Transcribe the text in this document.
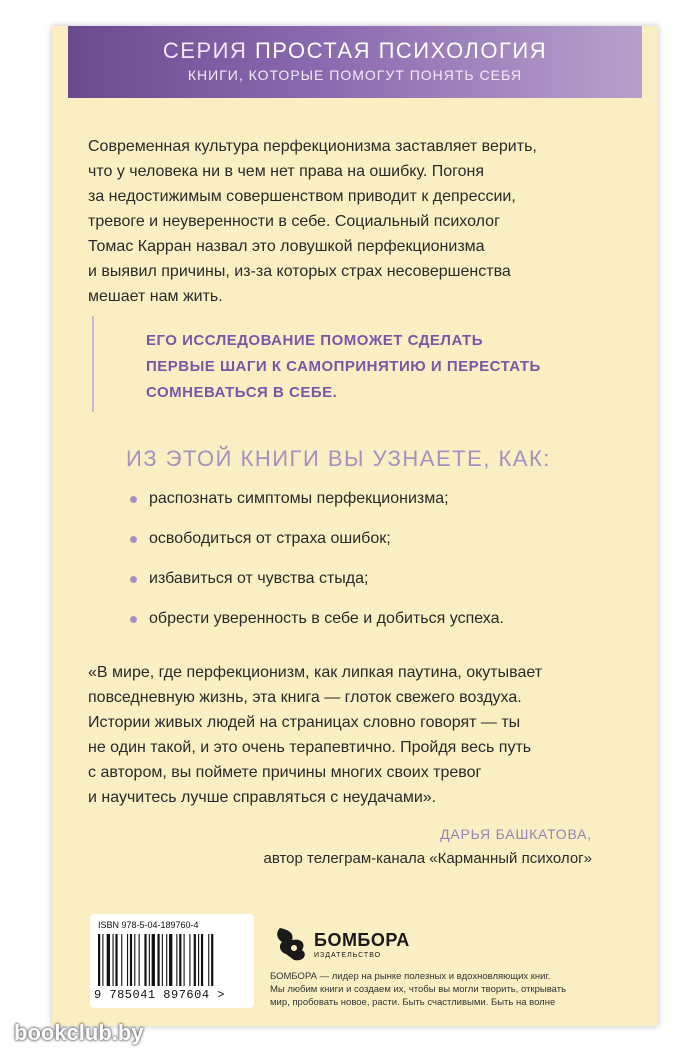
СЕРИЯ ПРОСТАЯ ПСИХОЛОГИЯ
КНИГИ, КОТОРЫЕ ПОМОГУТ ПОНЯТЬ СЕБЯ

Современная культура перфекционизма заставляет верить,

что у человека ни в чем нет права на ошибку. Погоня

за недостижимым совершенством приводит к депрессии,

тревоге и неуверенности в себе. Социальный психолог

Томас Карран назвал это ловушкой перфекционизма

и выявил причины, из-за которых страх несовершенства

мешает нам жить.

ЕГО ИССЛЕДОВАНИЕ ПОМОЖЕТ СДЕЛАТЬ
ПЕРВЫЕ ШАГИ К САМОПРИНЯТИЮ И ПЕРЕСТАТЬ
СОМНЕВАТЬСЯ В СЕБЕ.
ИЗ ЭТОЙ КНИГИ ВЫ УЗНАЕТЕ, КАК:
распознать симптомы перфекционизма;
освободиться от страха ошибок;
избавиться от чувства стыда;
обрести уверенность в себе и добиться успеха.

«В мире, где перфекционизм, как липкая паутина, окутывает

повседневную жизнь, эта книга — глоток свежего воздуха.

Истории живых людей на страницах словно говорят — ты

не один такой, и это очень терапевтично. Пройдя весь путь

с автором, вы поймете причины многих своих тревог

и научитесь лучше справляться с неудачами».

ДАРЬЯ БАШКАТОВА,
автор телеграм-канала «Карманный психолог»
ISBN 978-5-04-189760-4
9 785041 897604 >
БОМБОРА
ИЗДАТЕЛЬСТВО
БОМБОРА — лидер на рынке полезных и вдохновляющих книг.
Мы любим книги и создаем их, чтобы вы могли творить, открывать
мир, пробовать новое, расти. Быть счастливыми. Быть на волне
bookclub.by
